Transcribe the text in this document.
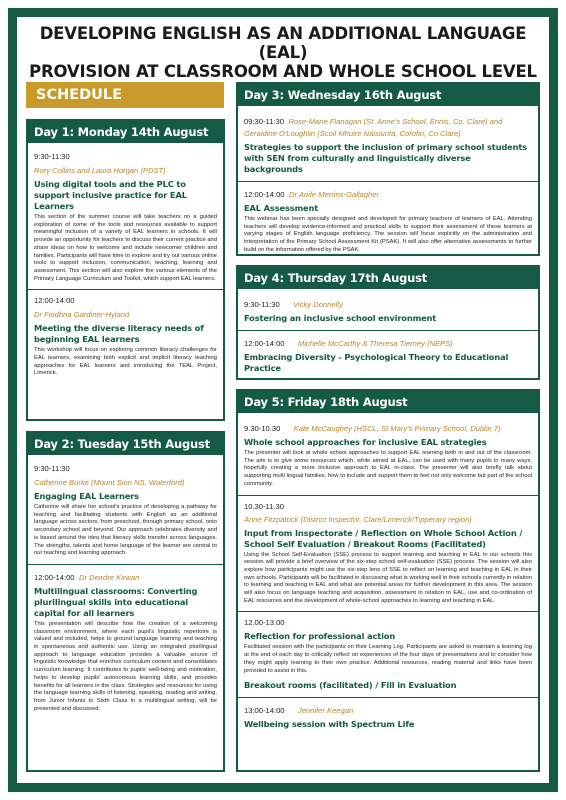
DEVELOPING ENGLISH AS AN ADDITIONAL LANGUAGE (EAL)
PROVISION AT CLASSROOM AND WHOLE SCHOOL LEVEL
SCHEDULE
Day 1: Monday 14th August
9:30-11:30
Rory Collins and Laura Horgan (PDST)
Using digital tools and the PLC to support inclusive practice for EAL Learners
This section of the summer course will take teachers on a guided exploration of some of the tools and resources available to support meaningful inclusion of a variety of EAL learners in schools. It will provide an opportunity for teachers to discuss their current practice and share ideas on how to welcome and include newcomer children and families. Participants will have time to explore and try out various online tools to support inclusion, communication, teaching, learning and assessment. This section will also explore the various elements of the Primary Language Curriculum and Toolkit, which support EAL learners.
12:00-14:00
Dr Fiodhna Gardiner-Hyland
Meeting the diverse literacy needs of beginning EAL learners
This workshop will focus on exploring common literacy challenges for EAL learners, examining both explicit and implicit literacy teaching approaches for EAL learners and introducing the TEAL Project, Limerick.
Day 2: Tuesday 15th August
9:30-11:30
Catherine Burke (Mount Sion NS, Waterford)
Engaging EAL Learners
Catherine will share her school's practice of developing a pathway for teaching and facilitating students with English as an additional language across sectors, from preschool, through primary school, onto secondary school and beyond. Our approach celebrates diversity and is based around the idea that literacy skills transfer across languages. The strengths, talents and home language of the learner are central to our teaching and learning approach.
12:00-14:00 Dr Deirdre Kirwan
Multilingual classrooms: Converting plurilingual skills into educational capital for all learners
This presentation will describe how the creation of a welcoming classroom environment, where each pupil's linguistic repertoire is valued and included, helps to ground language learning and teaching in spontaneous and authentic use. Using an integrated plurilingual approach to language education provides a valuable source of linguistic knowledge that enriches curriculum content and consolidates curriculum learning. It contributes to pupils' well-being and motivation, helps to develop pupils' autonomous learning skills, and provides benefits for all learners in the class. Strategies and resources for using the language learning skills of listening, speaking, reading and writing, from Junior Infants to Sixth Class in a multilingual setting, will be presented and discussed.
Day 3: Wednesday 16th August
09:30-11:30 Rose-Marie Flanagan (St. Anne's School, Ennis, Co. Clare) and Geraldine O'Loughlin (Scoil Mhuire Náisiunta, Corofin, Co Clare)
Strategies to support the inclusion of primary school students with SEN from culturally and linguistically diverse backgrounds
12:00-14:00 Dr Aoife Merrins-Gallagher
EAL Assessment
This webinar has been specially designed and developed for primary teachers of learners of EAL. Attending teachers will develop evidence-informed and practical skills to support their assessment of these learners at varying stages of English language proficiency. The session will focus explicitly on the administration and interpretation of the Primary School Assessment Kit (PSAK). It will also offer alternative assessments to further build on the information offered by the PSAK.
Day 4: Thursday 17th August
9:30-11:30 Vicky Donnelly
Fostering an inclusive school environment
12:00-14:00 Michelle McCarthy & Theresa Tierney (NEPS)
Embracing Diversity - Psychological Theory to Educational Practice
Day 5: Friday 18th August
9.30-10.30 Kate McCaughey (HSCL, St Mary's Primary School, Dublin 7)
Whole school approaches for inclusive EAL strategies
The presenter will look at whole school approaches to support EAL learning both in and out of the classroom. The aim is to give some resources which, while aimed at EAL, can be used with many pupils in many ways, hopefully creating a more inclusive approach to EAL in-class. The presenter will also briefly talk about supporting multi lingual families, how to include and support them to feel not only welcome but part of the school community.
10.30-11.30
Anne Fitzpatrick (District Inspector, Clare/Limerick/Tipperary region)
Input from Inspectorate / Reflection on Whole School Action / School Self Evaluation / Breakout Rooms (Facilitated)
Using the School Self-Evaluation (SSE) process to support learning and teaching in EAL in our schools this session will provide a brief overview of the six-step school self-evaluation (SSE) process. The session will also explore how participants might use the six-step lens of SSE to reflect on learning and teaching in EAL in their own schools. Participants will be facilitated in discussing what is working well in their schools currently in relation to learning and teaching in EAL and what are potential areas for further development in this area. The session will also focus on language teaching and acquisition, assessment in relation to EAL, use and co-ordination of EAL resources and the development of whole-school approaches to learning and teaching in EAL.
12.00-13.00
Reflection for professional action
Facilitated session with the participants on their Learning Log. Participants are asked to maintain a learning log at the end of each day to critically reflect on experiences of the four days of presentations and to consider how they might apply learning to their own practice. Additional resources, reading material and links have been provided to assist in this.
Breakout rooms (facilitated) / Fill in Evaluation
13:00-14:00 Jennifer Keegan
Wellbeing session with Spectrum Life
